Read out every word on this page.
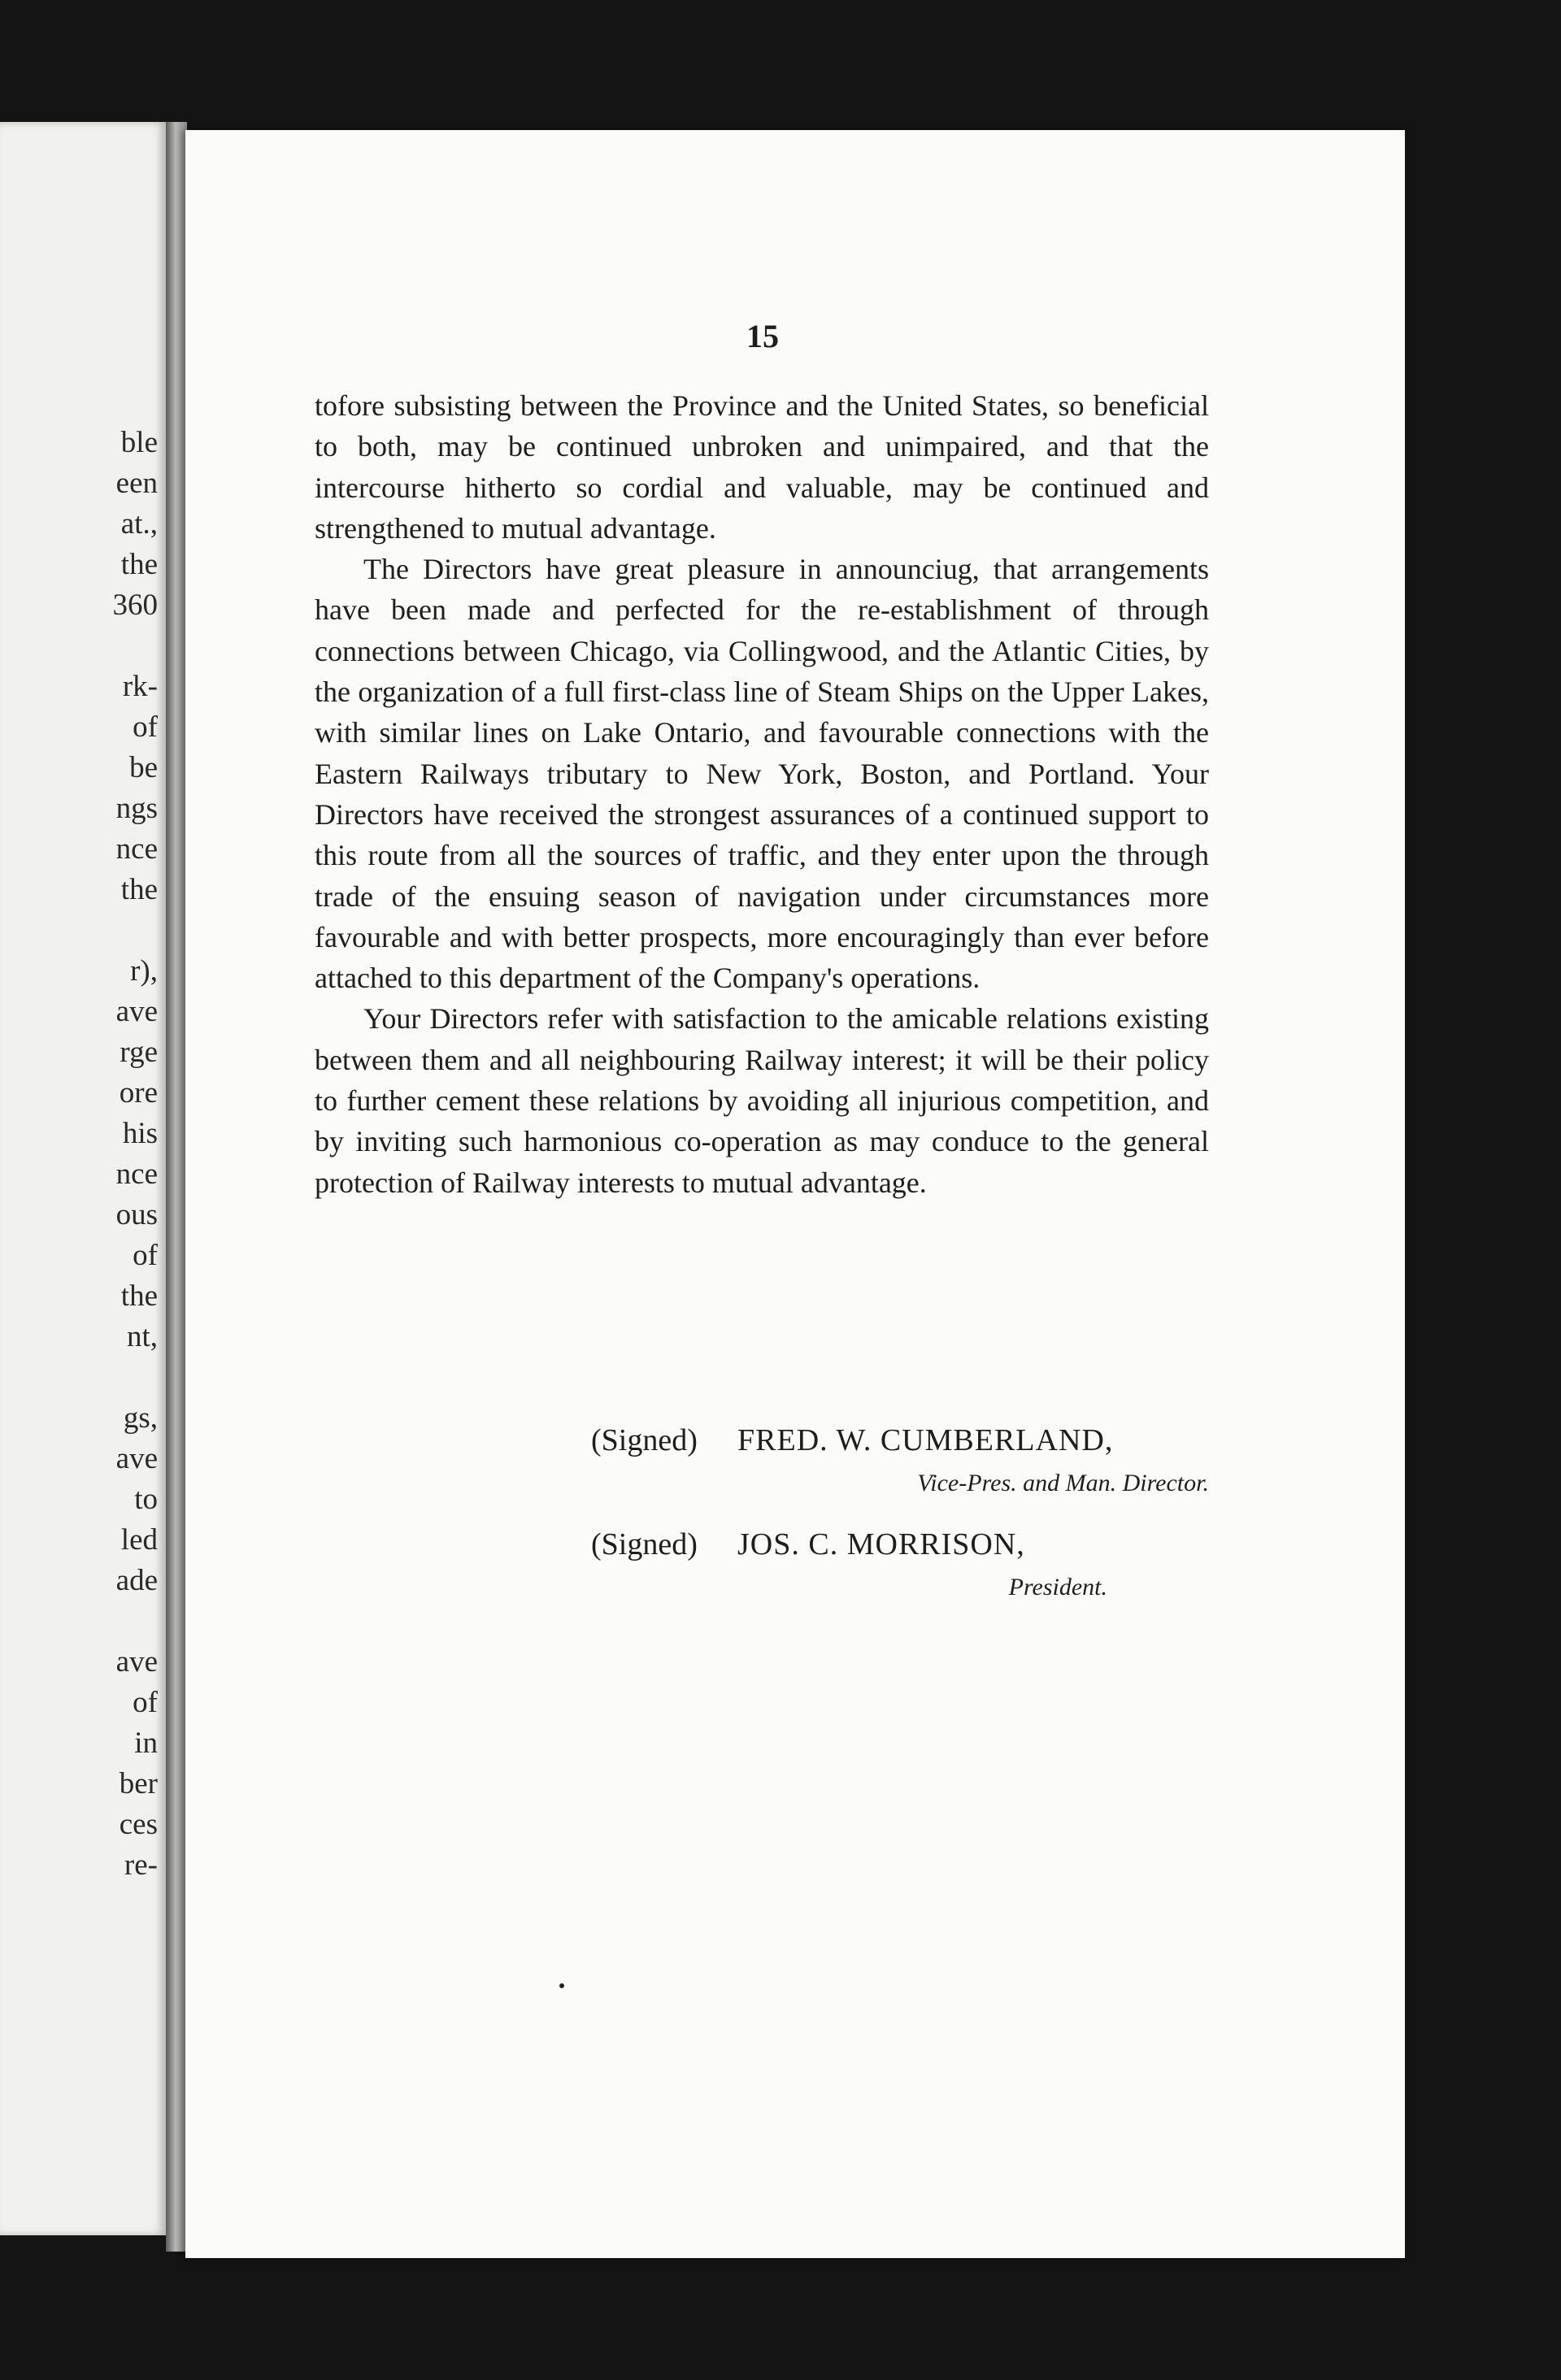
ble
een
at.,
the
360
rk-
of
be
ngs
nce
the
r),
ave
rge
ore
his
nce
ous
of
the
nt,
gs,
ave
to
led
ade
ave
of
in
ber
ces
re-
15

tofore subsisting between the Province and the United States, so beneficial to both, may be continued unbroken and unimpaired, and that the intercourse hitherto so cordial and valuable, may be continued and strengthened to mutual advantage.

The Directors have great pleasure in announciug, that arrangements have been made and perfected for the re-establishment of through connections between Chicago, via Collingwood, and the Atlantic Cities, by the organization of a full first-class line of Steam Ships on the Upper Lakes, with similar lines on Lake Ontario, and favourable connections with the Eastern Railways tributary to New York, Boston, and Portland. Your Directors have received the strongest assurances of a continued support to this route from all the sources of traffic, and they enter upon the through trade of the ensuing season of navigation under circumstances more favourable and with better prospects, more encouragingly than ever before attached to this department of the Company's operations.

Your Directors refer with satisfaction to the amicable relations existing between them and all neighbouring Railway interest; it will be their policy to further cement these relations by avoiding all injurious competition, and by inviting such harmonious co-operation as may conduce to the general protection of Railway interests to mutual advantage.

(Signed) FRED. W. CUMBERLAND,
Vice-Pres. and Man. Director.
(Signed) JOS. C. MORRISON,
President.
